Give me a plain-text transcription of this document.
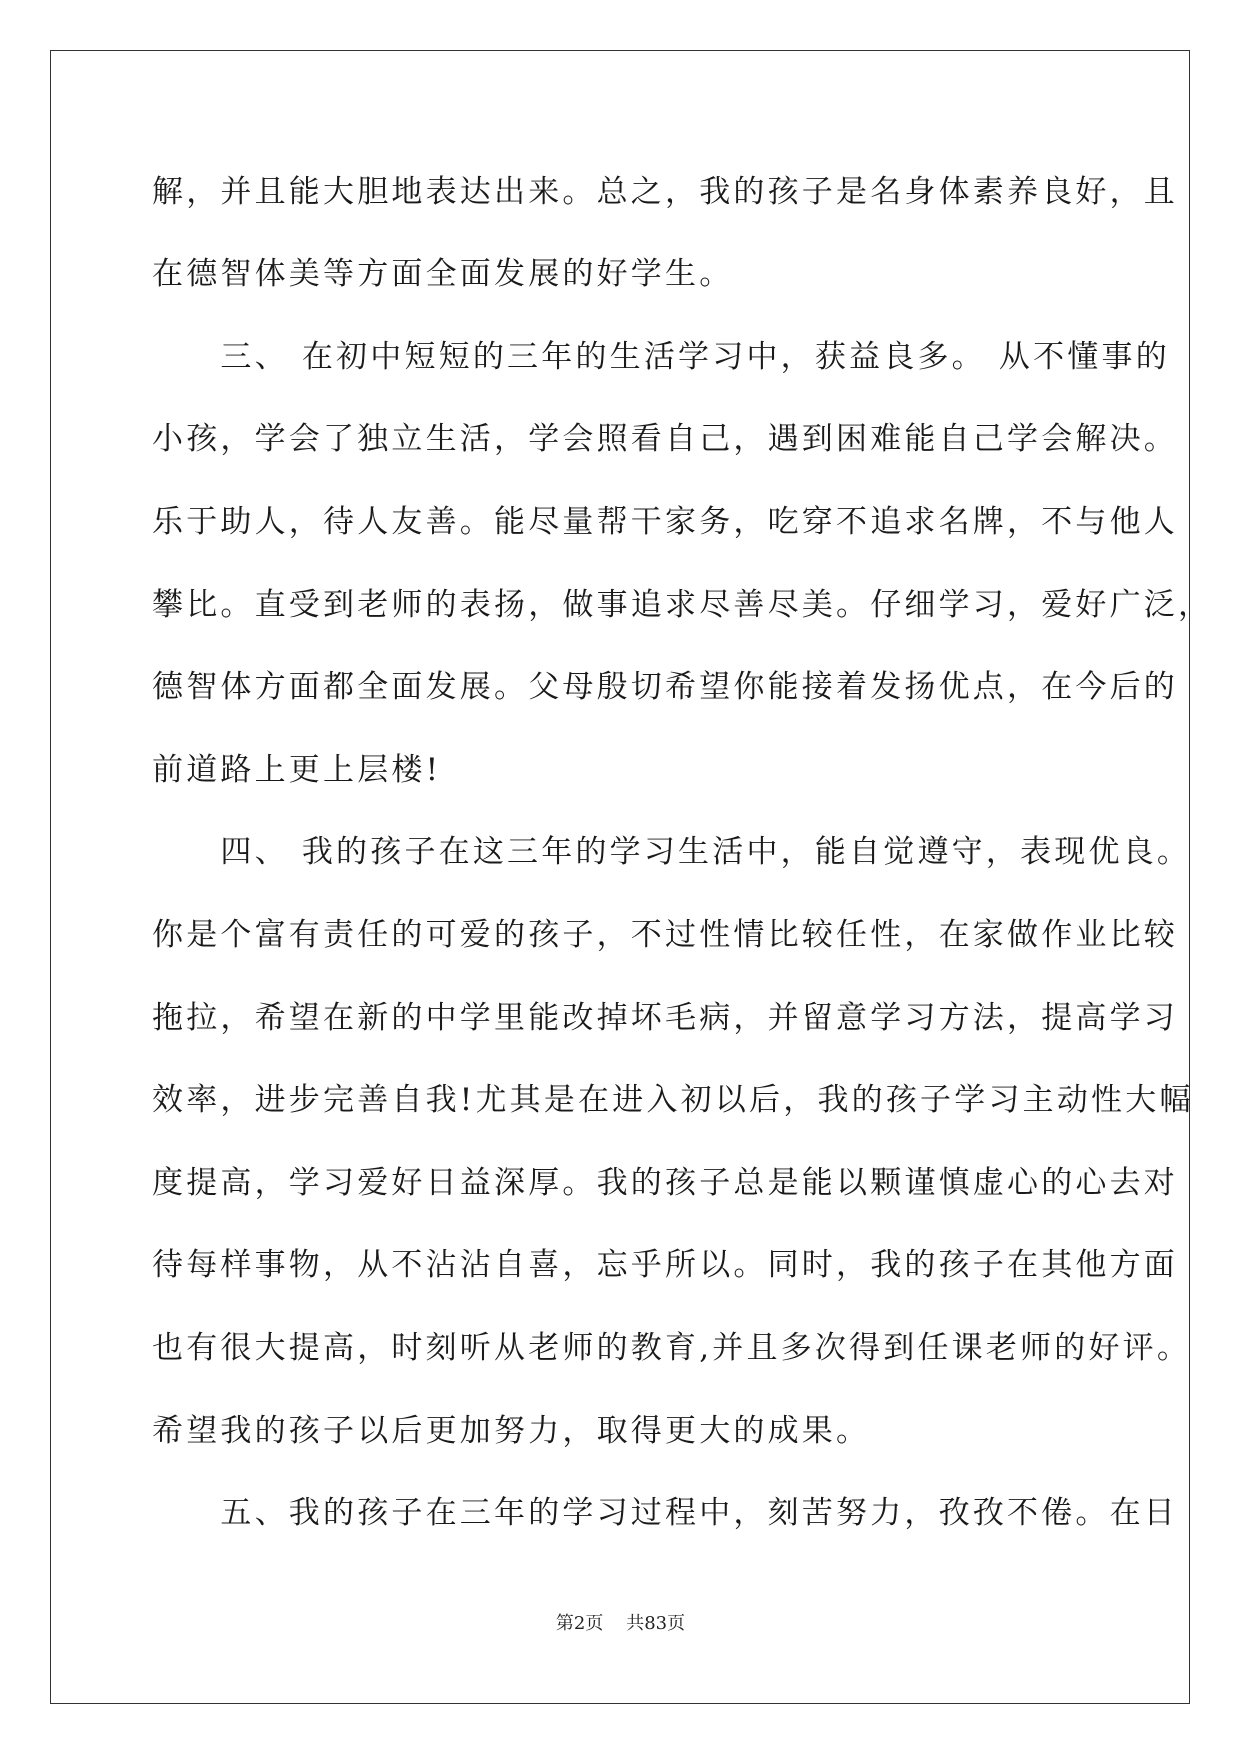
解，并且能大胆地表达出来。总之，我的孩子是名身体素养良好，且
在德智体美等方面全面发展的好学生。
　　三、 在初中短短的三年的生活学习中，获益良多。 从不懂事的
小孩，学会了独立生活，学会照看自己，遇到困难能自己学会解决。
乐于助人，待人友善。能尽量帮干家务，吃穿不追求名牌，不与他人
攀比。直受到老师的表扬，做事追求尽善尽美。仔细学习，爱好广泛，
德智体方面都全面发展。父母殷切希望你能接着发扬优点，在今后的
前道路上更上层楼!
　　四、 我的孩子在这三年的学习生活中，能自觉遵守，表现优良。
你是个富有责任的可爱的孩子，不过性情比较任性，在家做作业比较
拖拉，希望在新的中学里能改掉坏毛病，并留意学习方法，提高学习
效率，进步完善自我!尤其是在进入初以后，我的孩子学习主动性大幅
度提高，学习爱好日益深厚。我的孩子总是能以颗谨慎虚心的心去对
待每样事物，从不沾沾自喜，忘乎所以。同时，我的孩子在其他方面
也有很大提高，时刻听从老师的教育,并且多次得到任课老师的好评。
希望我的孩子以后更加努力，取得更大的成果。
　　五、我的孩子在三年的学习过程中，刻苦努力，孜孜不倦。在日
第2页 共83页
